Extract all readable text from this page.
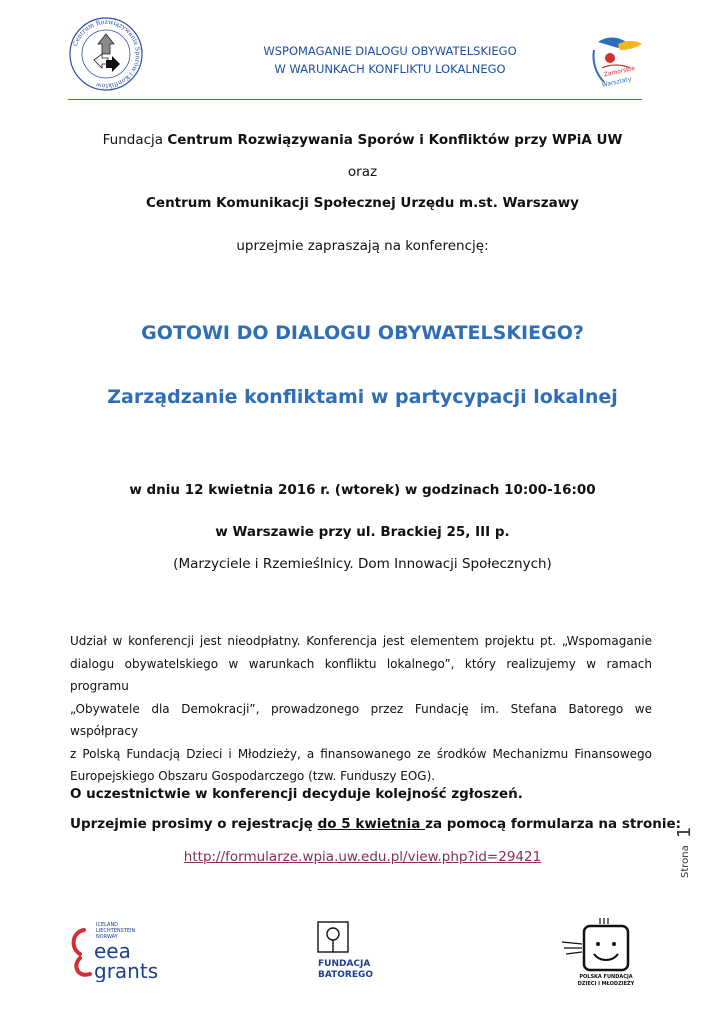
Centrum Rozwiązywania Sporów i Konfliktów
WSPOMAGANIE DIALOGU OBYWATELSKIEGO
W WARUNKACH KONFLIKTU LOKALNEGO	Zamorskie
Warsztaty
Fundacja Centrum Rozwiązywania Sporów i Konfliktów przy WPiA UW
oraz
Centrum Komunikacji Społecznej Urzędu m.st. Warszawy
uprzejmie zapraszają na konferencję:
GOTOWI DO DIALOGU OBYWATELSKIEGO?
Zarządzanie konfliktami w partycypacji lokalnej
w dniu 12 kwietnia 2016 r. (wtorek) w godzinach 10:00-16:00
w Warszawie przy ul. Brackiej 25, III p.
(Marzyciele i Rzemieślnicy. Dom Innowacji Społecznych)
Udział w konferencji jest nieodpłatny. Konferencja jest elementem projektu pt. „Wspomaganie
dialogu obywatelskiego w warunkach konfliktu lokalnego”, który realizujemy w ramach programu
„Obywatele dla Demokracji”, prowadzonego przez Fundację im. Stefana Batorego we współpracy
z Polską Fundacją Dzieci i Młodzieży, a finansowanego ze środków Mechanizmu Finansowego
Europejskiego Obszaru Gospodarczego (tzw. Funduszy EOG).
O uczestnictwie w konferencji decyduje kolejność zgłoszeń.
Uprzejmie prosimy o rejestrację do 5 kwietnia za pomocą formularza na stronie:
http://formularze.wpia.uw.edu.pl/view.php?id=29421	Strona
1
ICELAND
LIECHTENSTEIN
NORWAY
eea
grants	FUNDACJA
BATOREGO	POLSKA FUNDACJA
DZIECI I MŁODZIEŻY
